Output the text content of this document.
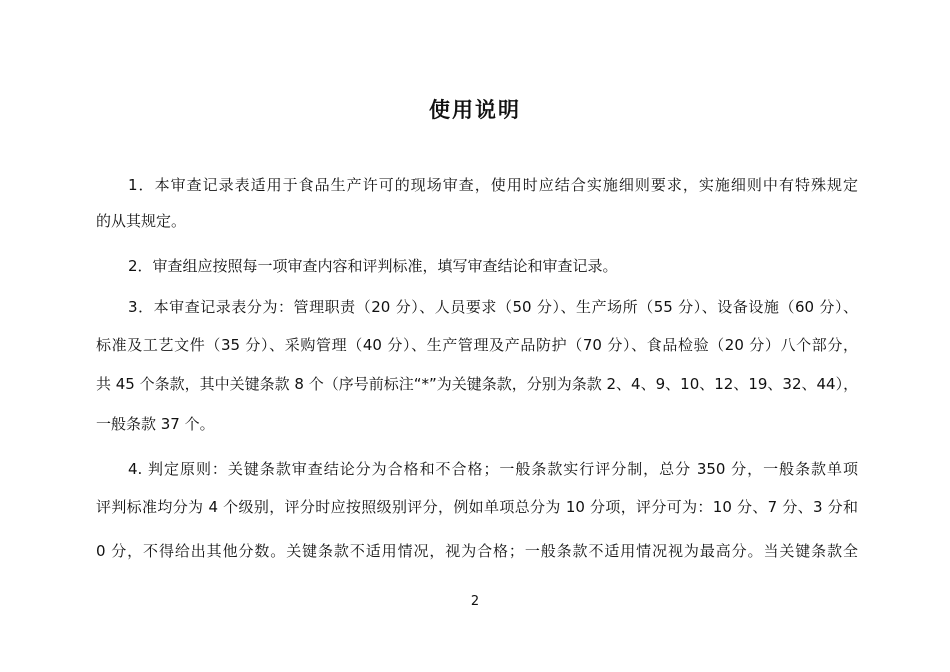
使用说明
1．本审查记录表适用于食品生产许可的现场审查，使用时应结合实施细则要求，实施细则中有特殊规定
的从其规定。
2．审查组应按照每一项审查内容和评判标准，填写审查结论和审查记录。
3．本审查记录表分为：管理职责（20 分）、人员要求（50 分）、生产场所（55 分）、设备设施（60 分）、
标准及工艺文件（35 分）、采购管理（40 分）、生产管理及产品防护（70 分）、食品检验（20 分）八个部分，
共 45 个条款，其中关键条款 8 个（序号前标注“*”为关键条款，分别为条款 2、4、9、10、12、19、32、44），
一般条款 37 个。
4. 判定原则：关键条款审查结论分为合格和不合格；一般条款实行评分制，总分 350 分，一般条款单项
评判标准均分为 4 个级别，评分时应按照级别评分，例如单项总分为 10 分项，评分可为：10 分、7 分、3 分和
0 分，不得给出其他分数。关键条款不适用情况，视为合格；一般条款不适用情况视为最高分。当关键条款全
2
